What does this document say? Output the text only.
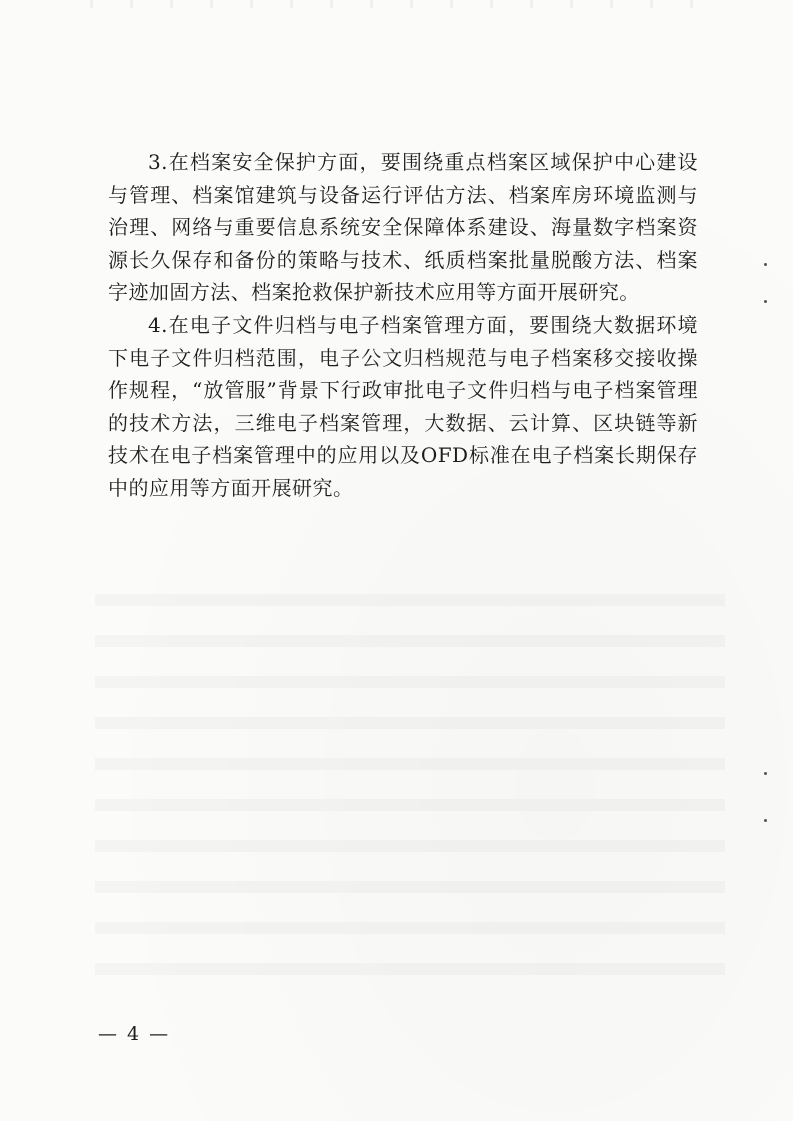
3.在档案安全保护方面，要围绕重点档案区域保护中心建设与管理、档案馆建筑与设备运行评估方法、档案库房环境监测与治理、网络与重要信息系统安全保障体系建设、海量数字档案资源长久保存和备份的策略与技术、纸质档案批量脱酸方法、档案字迹加固方法、档案抢救保护新技术应用等方面开展研究。

4.在电子文件归档与电子档案管理方面，要围绕大数据环境下电子文件归档范围，电子公文归档规范与电子档案移交接收操作规程，“放管服”背景下行政审批电子文件归档与电子档案管理的技术方法，三维电子档案管理，大数据、云计算、区块链等新技术在电子档案管理中的应用以及OFD标准在电子档案长期保存中的应用等方面开展研究。

— 4 —
